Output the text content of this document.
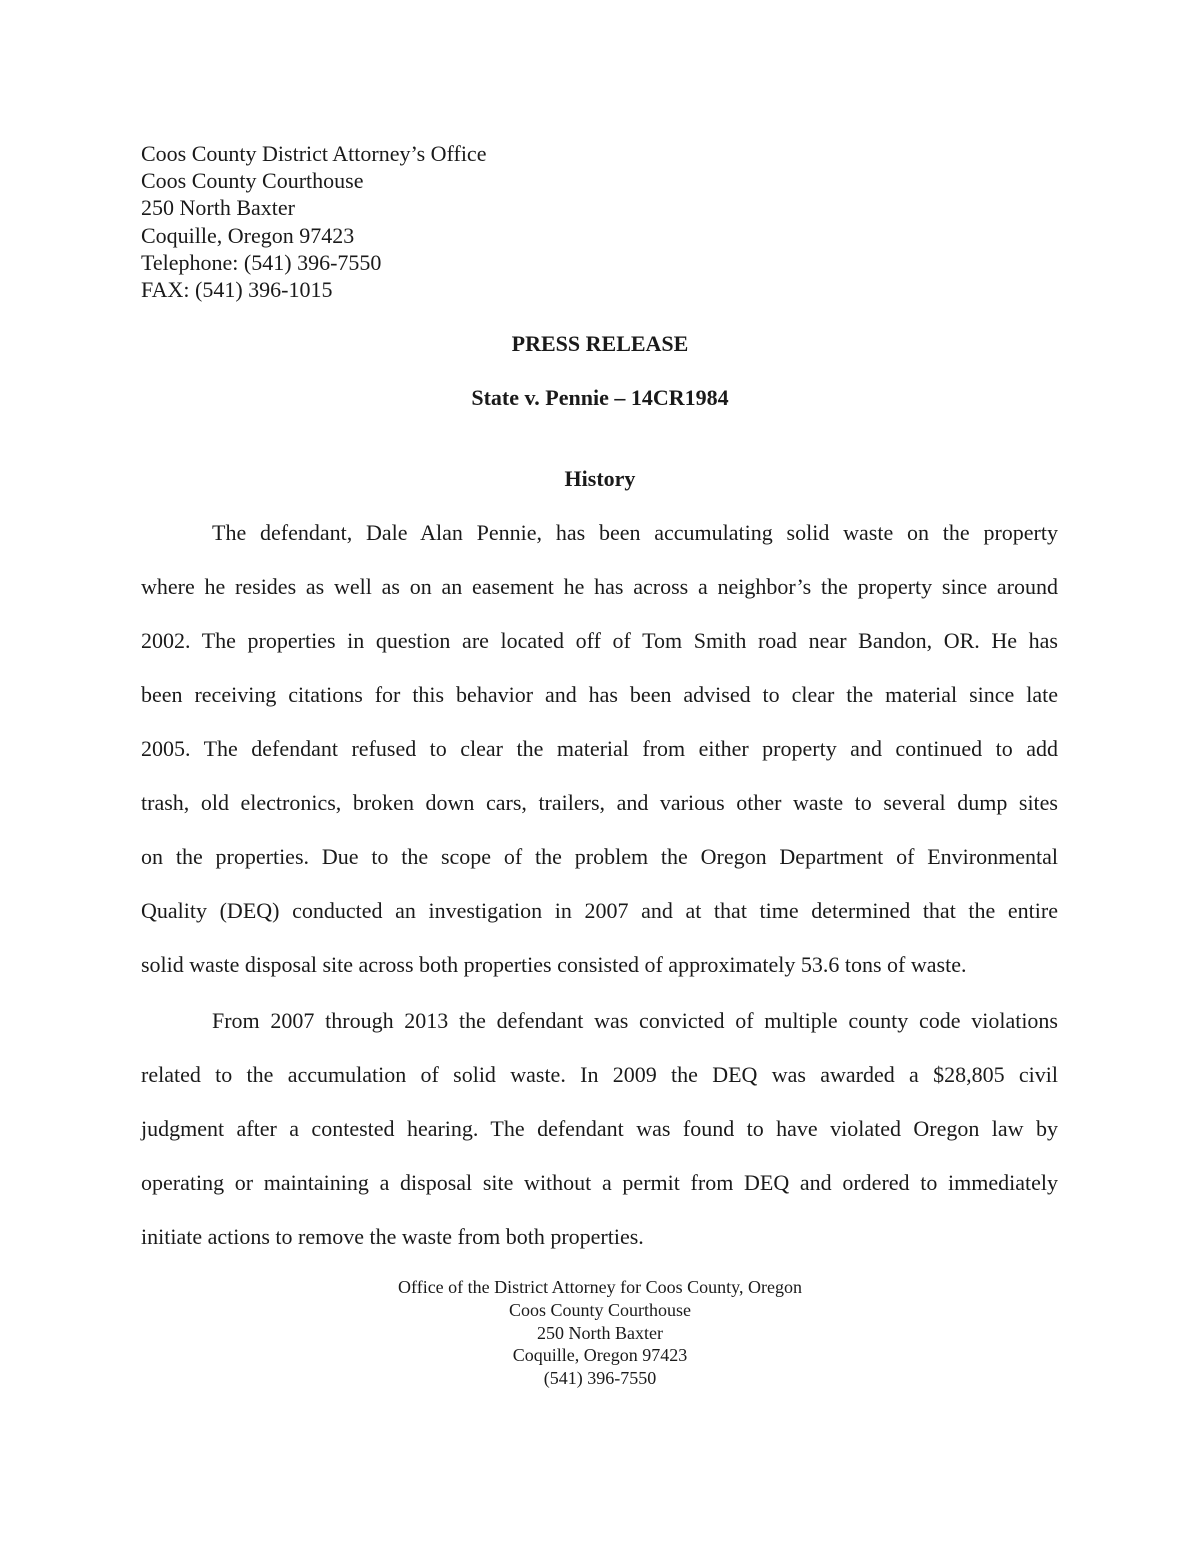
Coos County District Attorney’s Office
Coos County Courthouse
250 North Baxter
Coquille, Oregon 97423
Telephone: (541) 396-7550
FAX: (541) 396-1015
PRESS RELEASE
State v. Pennie – 14CR1984
History
The defendant, Dale Alan Pennie, has been accumulating solid waste on the property
where he resides as well as on an easement he has across a neighbor’s the property since around
2002. The properties in question are located off of Tom Smith road near Bandon, OR. He has
been receiving citations for this behavior and has been advised to clear the material since late
2005. The defendant refused to clear the material from either property and continued to add
trash, old electronics, broken down cars, trailers, and various other waste to several dump sites
on the properties. Due to the scope of the problem the Oregon Department of Environmental
Quality (DEQ) conducted an investigation in 2007 and at that time determined that the entire
solid waste disposal site across both properties consisted of approximately 53.6 tons of waste.
From 2007 through 2013 the defendant was convicted of multiple county code violations
related to the accumulation of solid waste. In 2009 the DEQ was awarded a $28,805 civil
judgment after a contested hearing. The defendant was found to have violated Oregon law by
operating or maintaining a disposal site without a permit from DEQ and ordered to immediately
initiate actions to remove the waste from both properties.
Office of the District Attorney for Coos County, Oregon
Coos County Courthouse
250 North Baxter
Coquille, Oregon 97423
(541) 396-7550
